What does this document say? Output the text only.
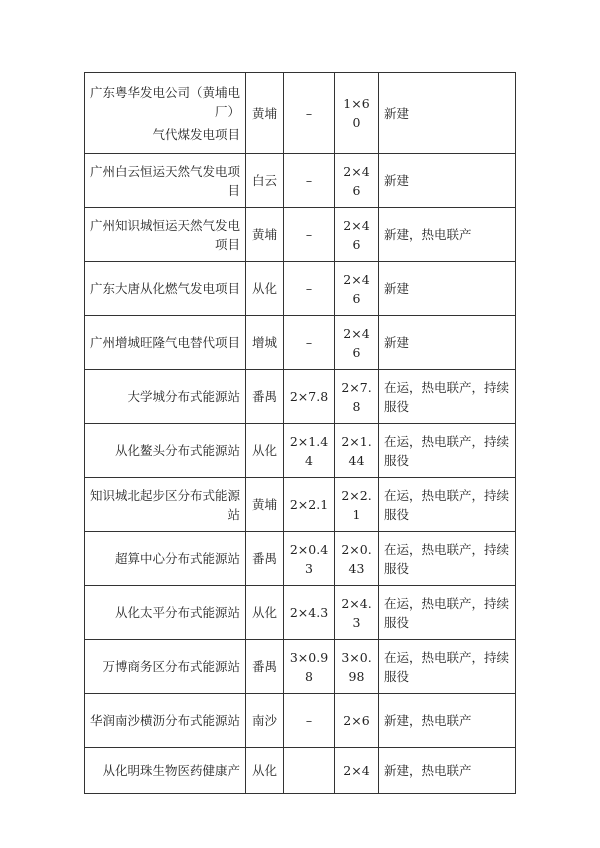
广东粤华发电公司（黄埔电厂）
气代煤发电项目	黄埔	–	1×60	新建

广州白云恒运天然气发电项目	白云	–	2×46	新建

广州知识城恒运天然气发电项目	黄埔	–	2×46	新建，热电联产

广东大唐从化燃气发电项目	从化	–	2×46	新建

广州增城旺隆气电替代项目	增城	–	2×46	新建

大学城分布式能源站	番禺	2×7.8	2×7.8	在运，热电联产，持续服役

从化鳌头分布式能源站	从化	2×1.44	2×1.44	在运，热电联产，持续服役

知识城北起步区分布式能源站	黄埔	2×2.1	2×2.1	在运，热电联产，持续服役

超算中心分布式能源站	番禺	2×0.43	2×0.43	在运，热电联产，持续服役

从化太平分布式能源站	从化	2×4.3	2×4.3	在运，热电联产，持续服役

万博商务区分布式能源站	番禺	3×0.98	3×0.98	在运，热电联产，持续服役

华润南沙横沥分布式能源站	南沙	–	2×6	新建，热电联产

从化明珠生物医药健康产	从化		2×4	新建，热电联产
